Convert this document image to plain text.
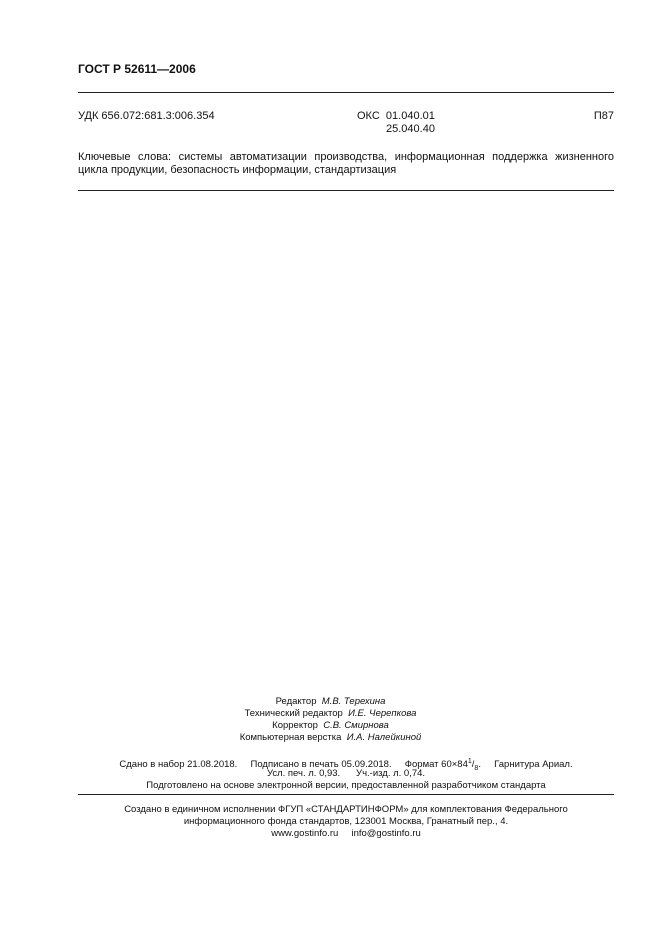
ГОСТ Р 52611—2006
УДК 656.072:681.3:006.354	ОКС 01.040.01
25.040.40
П87
Ключевые слова: системы автоматизации производства, информационная поддержка жизненного цикла продукции, безопасность информации, стандартизация
Редактор М.В. Терехина
Технический редактор И.Е. Черепкова
Корректор С.В. Смирнова
Компьютерная верстка И.А. Налейкиной
Сдано в набор 21.08.2018. Подписано в печать 05.09.2018. Формат $60\times 84^1/_8$. Гарнитура Ариал.
Усл. печ. л. 0,93. Уч.-изд. л. 0,74.
Подготовлено на основе электронной версии, предоставленной разработчиком стандарта
Создано в единичном исполнении ФГУП «СТАНДАРТИНФОРМ» для комплектования Федерального
информационного фонда стандартов, 123001 Москва, Гранатный пер., 4.
www.gostinfo.ru info@gostinfo.ru
